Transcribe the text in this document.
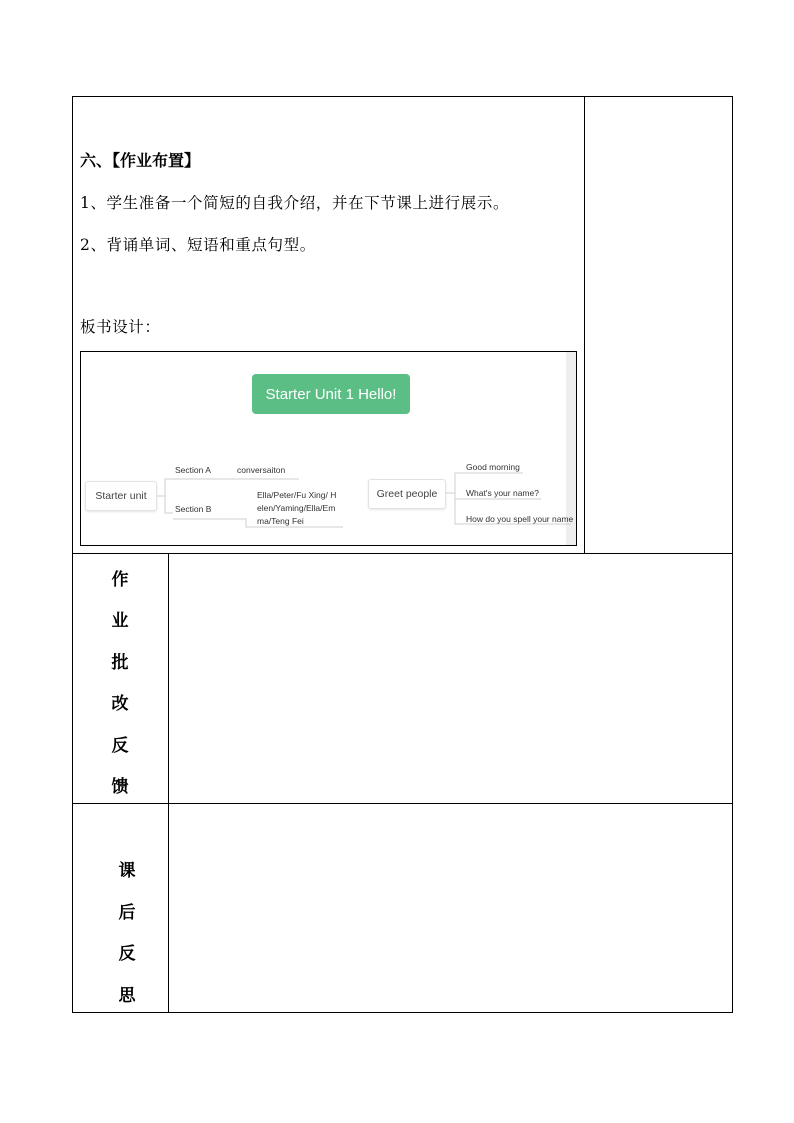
六、【作业布置】
1、学生准备一个简短的自我介绍，并在下节课上进行展示。
2、背诵单词、短语和重点句型。
板书设计：
Starter Unit 1 Hello!
Starter unit
Section A	conversaiton
Section B
Ella/Peter/Fu Xing/ H
elen/Yaming/Ella/Em
ma/Teng Fei
Greet people
Good morning
What's your name?
How do you spell your name
作
业
批
改
反
馈
课
后
反
思
